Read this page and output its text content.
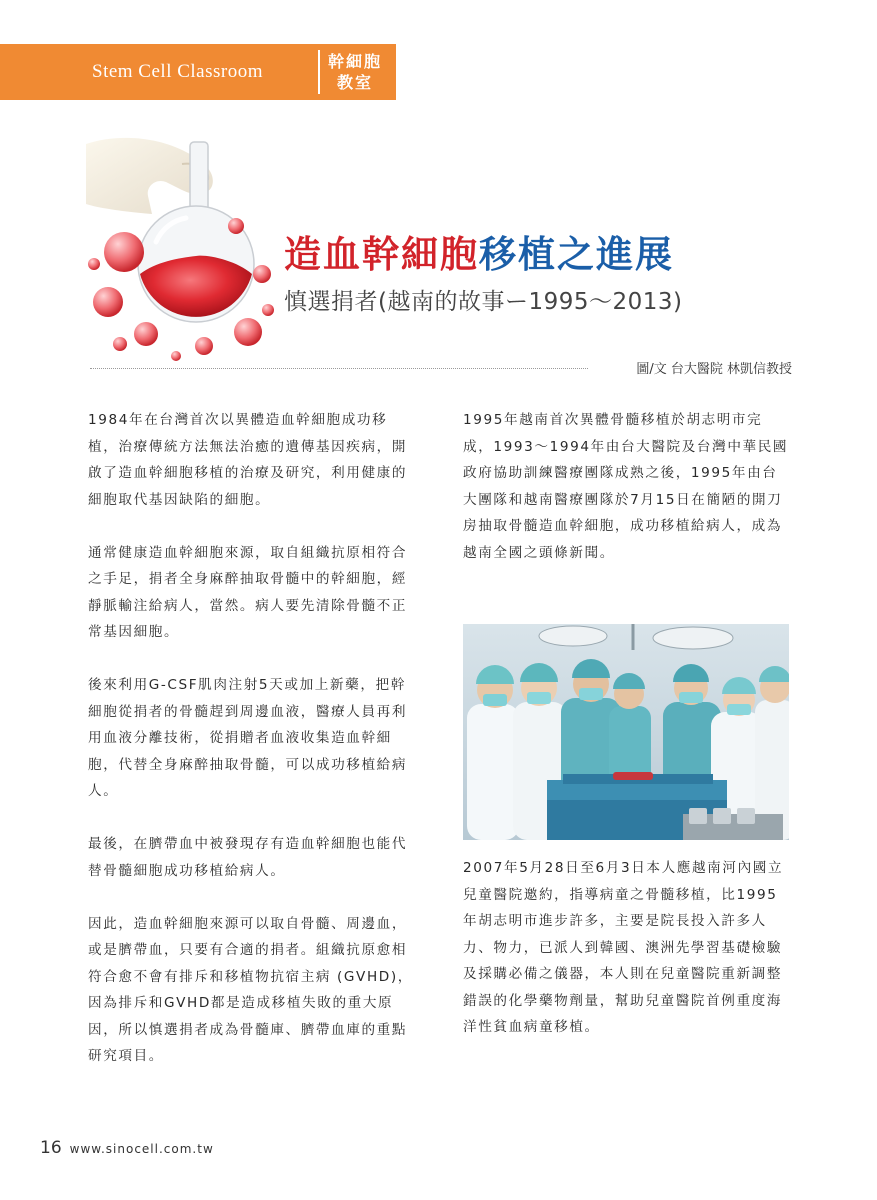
Stem Cell Classroom	幹細胞
教室
造血幹細胞移植之進展
慎選捐者(越南的故事ー1995～2013)
圖/文 台大醫院 林凱信教授

1984年在台灣首次以異體造血幹細胞成功移植，治療傳統方法無法治癒的遺傳基因疾病，開啟了造血幹細胞移植的治療及研究，利用健康的細胞取代基因缺陷的細胞。

通常健康造血幹細胞來源，取自組織抗原相符合之手足，捐者全身麻醉抽取骨髓中的幹細胞，經靜脈輸注給病人，當然。病人要先清除骨髓不正常基因細胞。

後來利用G-CSF肌肉注射5天或加上新藥，把幹細胞從捐者的骨髓趕到周邊血液，醫療人員再利用血液分離技術，從捐贈者血液收集造血幹細胞，代替全身麻醉抽取骨髓，可以成功移植給病人。

最後，在臍帶血中被發現存有造血幹細胞也能代替骨髓細胞成功移植給病人。

因此，造血幹細胞來源可以取自骨髓、周邊血，或是臍帶血，只要有合適的捐者。組織抗原愈相符合愈不會有排斥和移植物抗宿主病 (GVHD)，因為排斥和GVHD都是造成移植失敗的重大原因，所以慎選捐者成為骨髓庫、臍帶血庫的重點研究項目。

1995年越南首次異體骨髓移植於胡志明市完成，1993～1994年由台大醫院及台灣中華民國政府協助訓練醫療團隊成熟之後，1995年由台大團隊和越南醫療團隊於7月15日在簡陋的開刀房抽取骨髓造血幹細胞，成功移植給病人，成為越南全國之頭條新聞。

2007年5月28日至6月3日本人應越南河內國立兒童醫院邀約，指導病童之骨髓移植，比1995年胡志明市進步許多，主要是院長投入許多人力、物力，已派人到韓國、澳洲先學習基礎檢驗及採購必備之儀器，本人則在兒童醫院重新調整錯誤的化學藥物劑量，幫助兒童醫院首例重度海洋性貧血病童移植。

16 www.sinocell.com.tw
